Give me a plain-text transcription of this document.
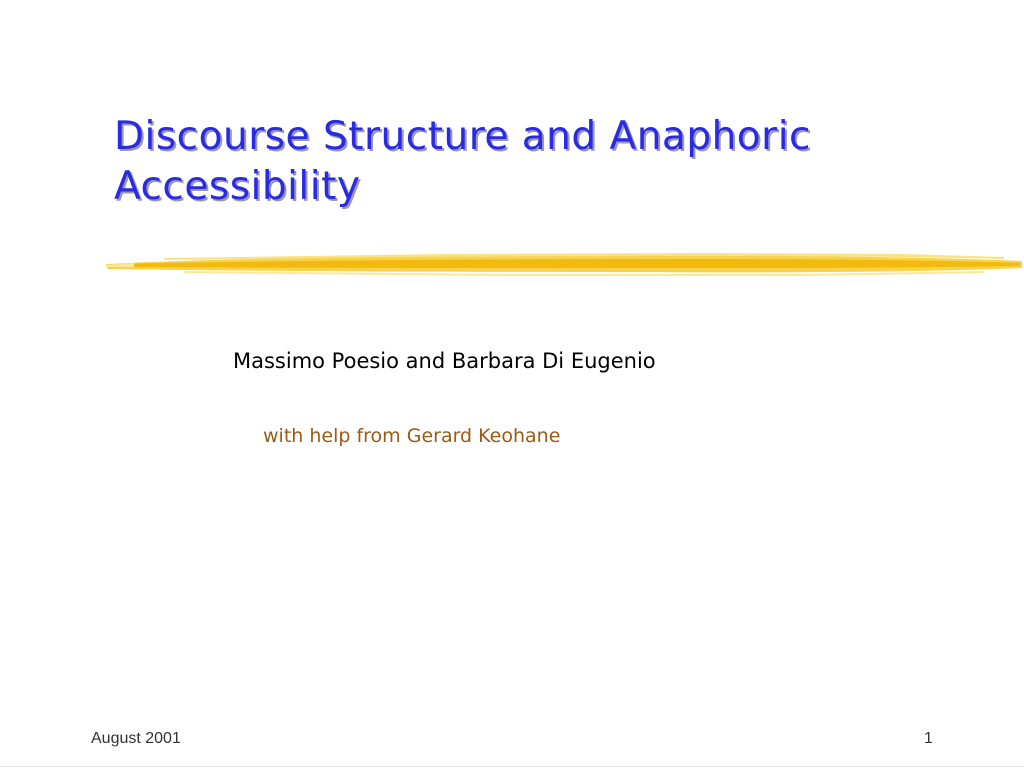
Discourse Structure and Anaphoric
Accessibility
Massimo Poesio and Barbara Di Eugenio
with help from Gerard Keohane
August 2001	1
